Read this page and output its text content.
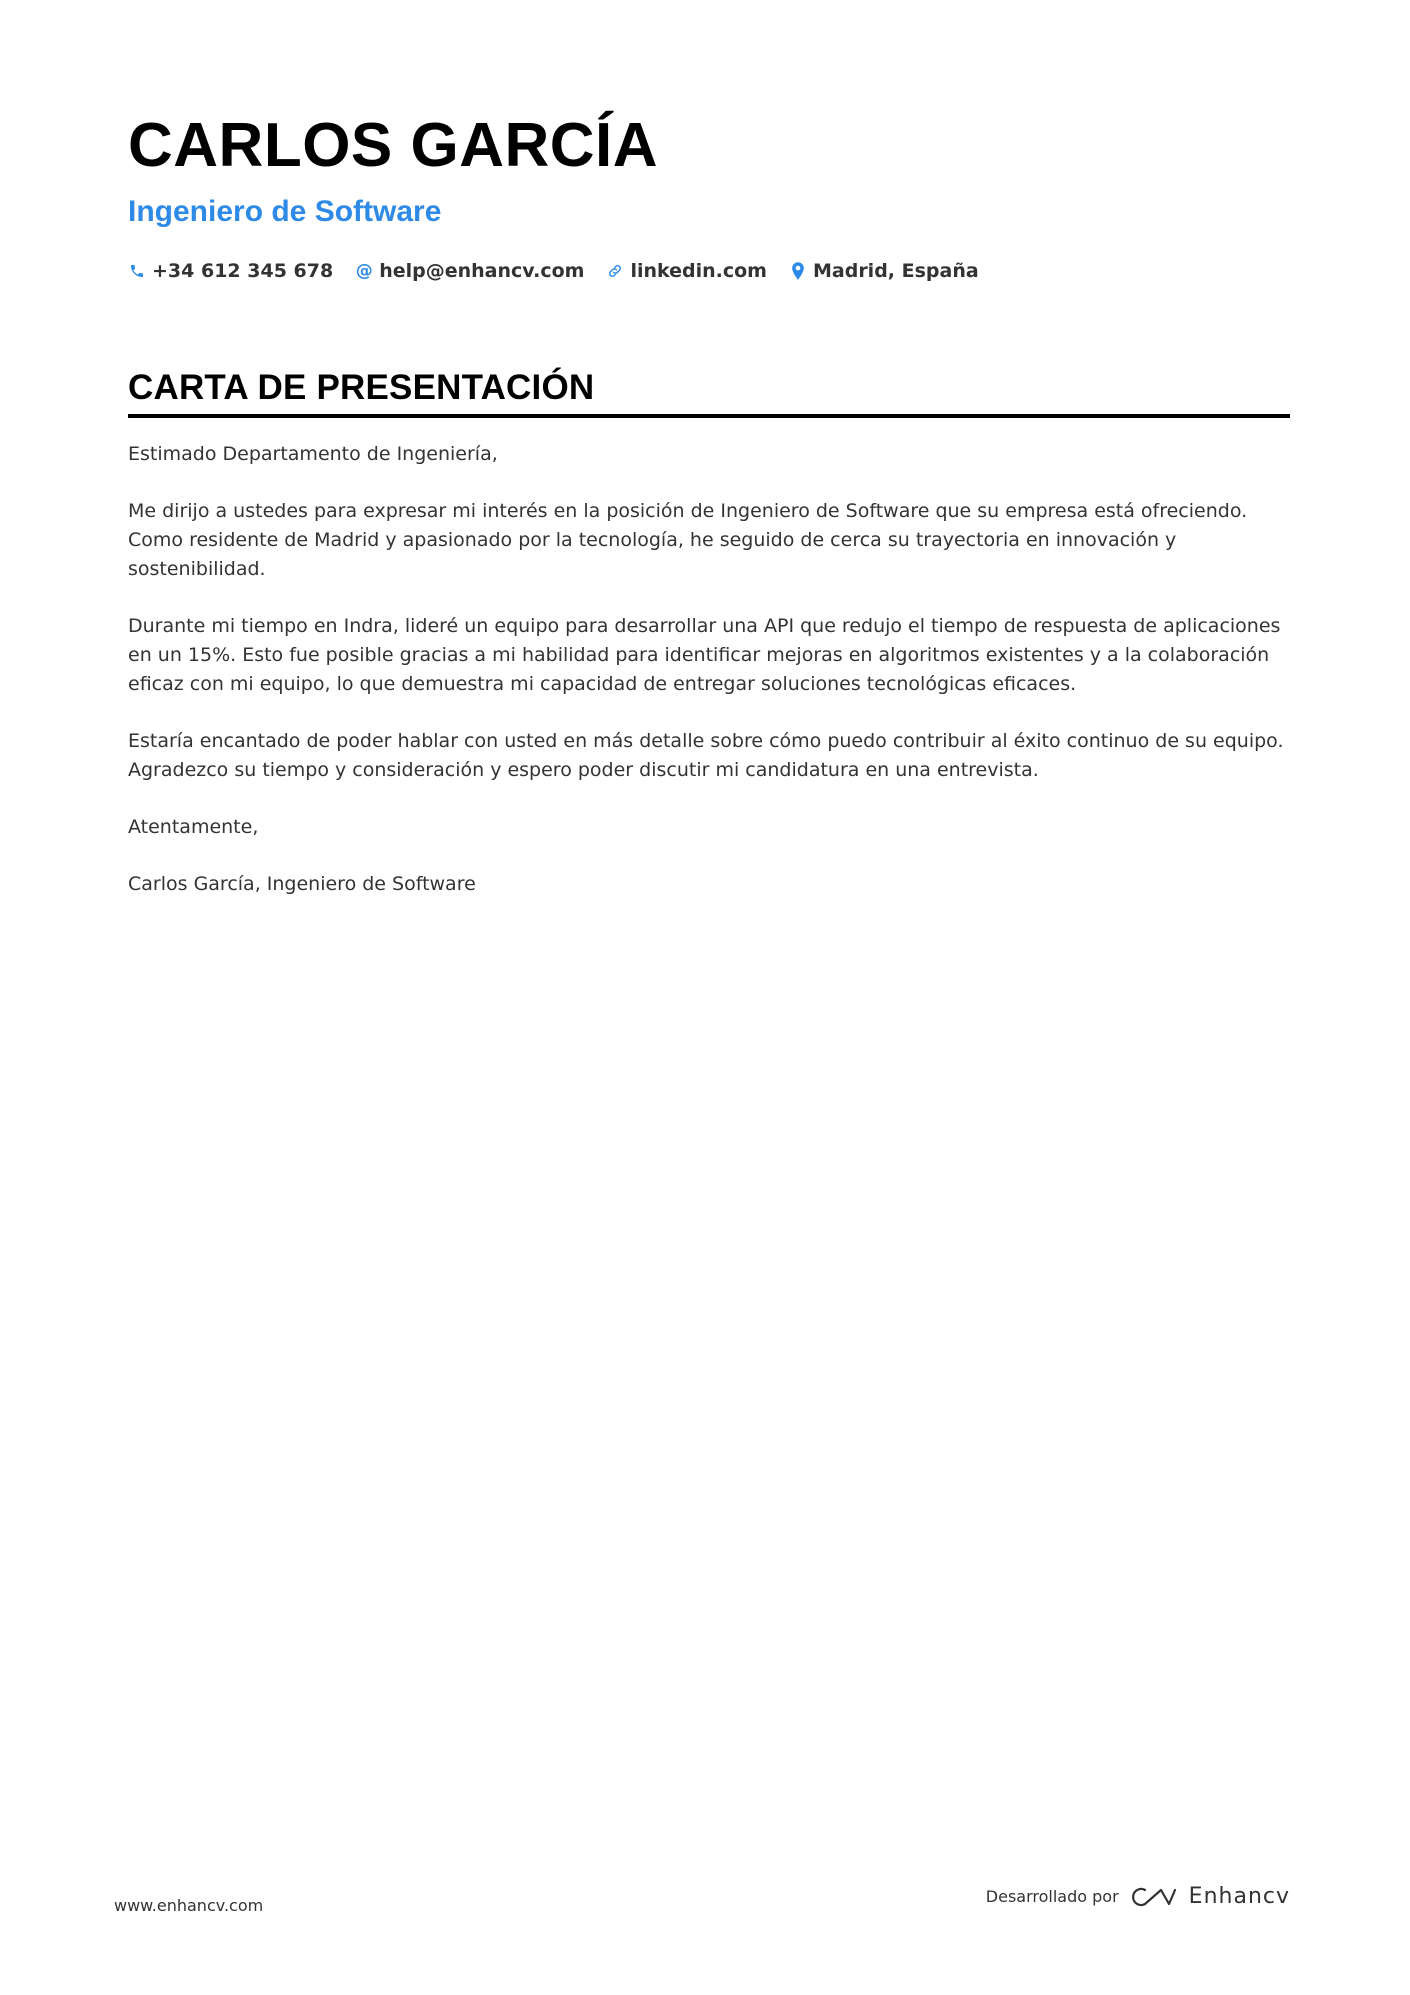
CARLOS GARCÍA
Ingeniero de Software
+34 612 345 678 @ help@enhancv.com linkedin.com Madrid, España
CARTA DE PRESENTACIÓN

Estimado Departamento de Ingeniería,

Me dirijo a ustedes para expresar mi interés en la posición de Ingeniero de Software que su empresa está ofreciendo. Como residente de Madrid y apasionado por la tecnología, he seguido de cerca su trayectoria en innovación y sostenibilidad.

Durante mi tiempo en Indra, lideré un equipo para desarrollar una API que redujo el tiempo de respuesta de aplicaciones en un 15%. Esto fue posible gracias a mi habilidad para identificar mejoras en algoritmos existentes y a la colaboración eficaz con mi equipo, lo que demuestra mi capacidad de entregar soluciones tecnológicas eficaces.

Estaría encantado de poder hablar con usted en más detalle sobre cómo puedo contribuir al éxito continuo de su equipo. Agradezco su tiempo y consideración y espero poder discutir mi candidatura en una entrevista.

Atentamente,

Carlos García, Ingeniero de Software

www.enhancv.com	Desarrollado por	Enhancv
